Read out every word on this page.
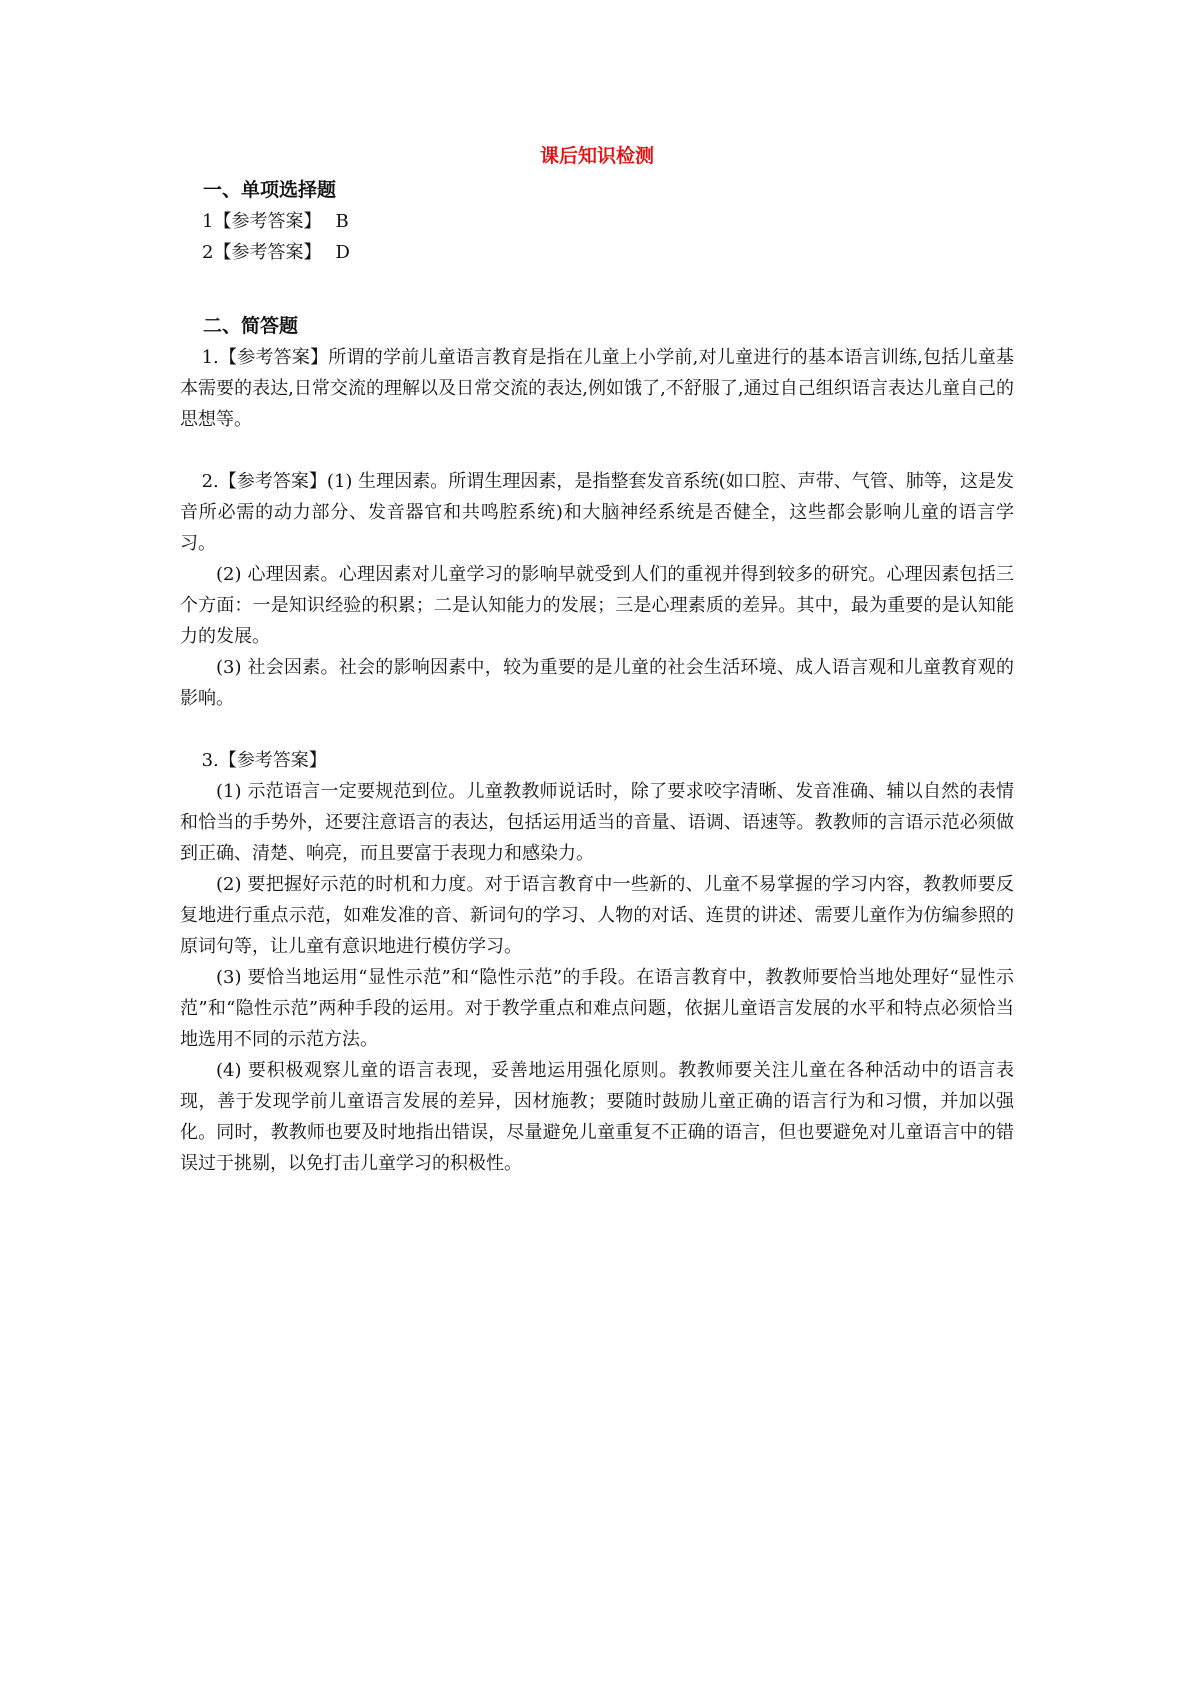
课后知识检测
一、单项选择题

1【参考答案】 B

2【参考答案】 D

二、简答题

1.【参考答案】所谓的学前儿童语言教育是指在儿童上小学前,对儿童进行的基本语言训练,包括儿童基本需要的表达,日常交流的理解以及日常交流的表达,例如饿了,不舒服了,通过自己组织语言表达儿童自己的思想等。

2.【参考答案】(1) 生理因素。所谓生理因素，是指整套发音系统(如口腔、声带、气管、肺等，这是发音所必需的动力部分、发音器官和共鸣腔系统)和大脑神经系统是否健全，这些都会影响儿童的语言学习。

(2) 心理因素。心理因素对儿童学习的影响早就受到人们的重视并得到较多的研究。心理因素包括三个方面：一是知识经验的积累；二是认知能力的发展；三是心理素质的差异。其中，最为重要的是认知能力的发展。

(3) 社会因素。社会的影响因素中，较为重要的是儿童的社会生活环境、成人语言观和儿童教育观的影响。

3.【参考答案】

(1) 示范语言一定要规范到位。儿童教教师说话时，除了要求咬字清晰、发音准确、辅以自然的表情和恰当的手势外，还要注意语言的表达，包括运用适当的音量、语调、语速等。教教师的言语示范必须做到正确、清楚、响亮，而且要富于表现力和感染力。

(2) 要把握好示范的时机和力度。对于语言教育中一些新的、儿童不易掌握的学习内容，教教师要反复地进行重点示范，如难发准的音、新词句的学习、人物的对话、连贯的讲述、需要儿童作为仿编参照的原词句等，让儿童有意识地进行模仿学习。

(3) 要恰当地运用“显性示范”和“隐性示范”的手段。在语言教育中，教教师要恰当地处理好“显性示范”和“隐性示范”两种手段的运用。对于教学重点和难点问题，依据儿童语言发展的水平和特点必须恰当地选用不同的示范方法。

(4) 要积极观察儿童的语言表现，妥善地运用强化原则。教教师要关注儿童在各种活动中的语言表现，善于发现学前儿童语言发展的差异，因材施教；要随时鼓励儿童正确的语言行为和习惯，并加以强化。同时，教教师也要及时地指出错误，尽量避免儿童重复不正确的语言，但也要避免对儿童语言中的错误过于挑剔，以免打击儿童学习的积极性。
